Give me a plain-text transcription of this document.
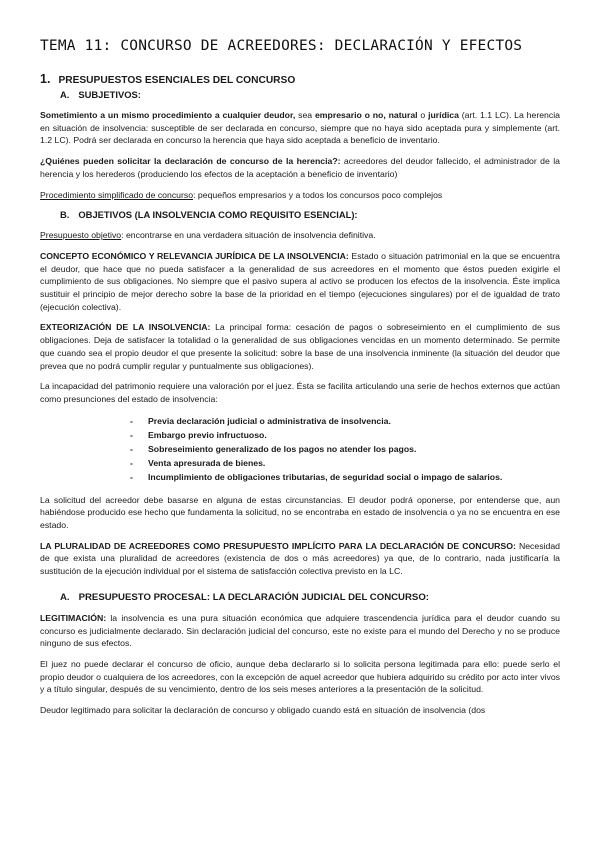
TEMA 11: CONCURSO DE ACREEDORES: DECLARACIÓN Y EFECTOS
1. PRESUPUESTOS ESENCIALES DEL CONCURSO
A. SUBJETIVOS:

Sometimiento a un mismo procedimiento a cualquier deudor, sea empresario o no, natural o jurídica (art. 1.1 LC). La herencia en situación de insolvencia: susceptible de ser declarada en concurso, siempre que no haya sido aceptada pura y simplemente (art. 1.2 LC). Podrá ser declarada en concurso la herencia que haya sido aceptada a beneficio de inventario.

¿Quiénes pueden solicitar la declaración de concurso de la herencia?: acreedores del deudor fallecido, el administrador de la herencia y los herederos (produciendo los efectos de la aceptación a beneficio de inventario)

Procedimiento simplificado de concurso: pequeños empresarios y a todos los concursos poco complejos

B. OBJETIVOS (LA INSOLVENCIA COMO REQUISITO ESENCIAL):

Presupuesto objetivo: encontrarse en una verdadera situación de insolvencia definitiva.

CONCEPTO ECONÓMICO Y RELEVANCIA JURÍDICA DE LA INSOLVENCIA: Estado o situación patrimonial en la que se encuentra el deudor, que hace que no pueda satisfacer a la generalidad de sus acreedores en el momento que éstos pueden exigirle el cumplimiento de sus obligaciones. No siempre que el pasivo supera al activo se producen los efectos de la insolvencia. Éste implica sustituir el principio de mejor derecho sobre la base de la prioridad en el tiempo (ejecuciones singulares) por el de igualdad de trato (ejecución colectiva).

EXTEORIZACIÓN DE LA INSOLVENCIA: La principal forma: cesación de pagos o sobreseimiento en el cumplimiento de sus obligaciones. Deja de satisfacer la totalidad o la generalidad de sus obligaciones vencidas en un momento determinado. Se permite que cuando sea el propio deudor el que presente la solicitud: sobre la base de una insolvencia inminente (la situación del deudor que prevea que no podrá cumplir regular y puntualmente sus obligaciones).

La incapacidad del patrimonio requiere una valoración por el juez. Ésta se facilita articulando una serie de hechos externos que actúan como presunciones del estado de insolvencia:

- Previa declaración judicial o administrativa de insolvencia.
- Embargo previo infructuoso.
- Sobreseimiento generalizado de los pagos no atender los pagos.
- Venta apresurada de bienes.
- Incumplimiento de obligaciones tributarias, de seguridad social o impago de salarios.

La solicitud del acreedor debe basarse en alguna de estas circunstancias. El deudor podrá oponerse, por entenderse que, aun habiéndose producido ese hecho que fundamenta la solicitud, no se encontraba en estado de insolvencia o ya no se encuentra en ese estado.

LA PLURALIDAD DE ACREEDORES COMO PRESUPUESTO IMPLÍCITO PARA LA DECLARACIÓN DE CONCURSO: Necesidad de que exista una pluralidad de acreedores (existencia de dos o más acreedores) ya que, de lo contrario, nada justificaría la sustitución de la ejecución individual por el sistema de satisfacción colectiva previsto en la LC.

A. PRESUPUESTO PROCESAL: LA DECLARACIÓN JUDICIAL DEL CONCURSO:

LEGITIMACIÓN: la insolvencia es una pura situación económica que adquiere trascendencia jurídica para el deudor cuando su concurso es judicialmente declarado. Sin declaración judicial del concurso, este no existe para el mundo del Derecho y no se produce ninguno de sus efectos.

El juez no puede declarar el concurso de oficio, aunque deba declararlo si lo solicita persona legitimada para ello: puede serlo el propio deudor o cualquiera de los acreedores, con la excepción de aquel acreedor que hubiera adquirido su crédito por acto inter vivos y a título singular, después de su vencimiento, dentro de los seis meses anteriores a la presentación de la solicitud.

Deudor legitimado para solicitar la declaración de concurso y obligado cuando está en situación de insolvencia (dos
